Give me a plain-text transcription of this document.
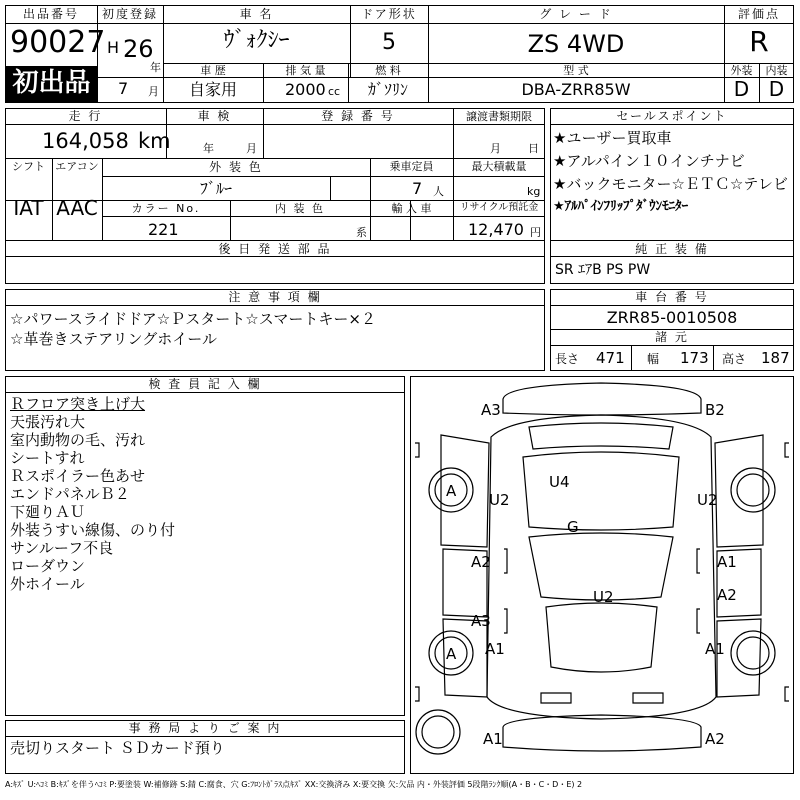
出品番号
90027
初出品
初度登録
H 26
年
7 月
車 名
ｳﾞｫｸｼｰ
ドア形状
5
グ レ ー ド
ZS 4WD
評価点
R
車 歴	排 気 量	燃 料	型 式	外装	内装
自家用	2000 cc	ｶﾞｿﾘﾝ	DBA-ZRR85W	D D
走 行	車 検	登 録 番 号	譲渡書類期限
164,058 km	年	月	月 日
シフト エアコン
IAT AAC
外 装 色	乗車定員	最大積載量
ﾌﾞﾙｰ	7 人	kg
カラー No.	内 装 色	輸 入 車	リサイクル預託金
221	系	12,470 円
後 日 発 送 部 品
セールスポイント
★ユーザー買取車
★アルパイン１０インチナビ
★バックモニター☆ＥＴＣ☆テレビ
★ｱﾙﾊﾟｲﾝﾌﾘｯﾌﾟﾀﾞｳﾝﾓﾆﾀｰ
純 正 装 備
SR ｴｱB PS PW
注 意 事 項 欄
☆パワースライドドア☆Ｐスタート☆スマートキー×２
☆革巻きステアリングホイール
車 台 番 号
ZRR85-0010508
諸 元
長さ 471 幅 173 高さ 187
検 査 員 記 入 欄
Ｒフロア突き上げ大
天張汚れ大
室内動物の毛、汚れ
シートすれ
Ｒスポイラー色あせ
エンドパネルＢ２
下廻りＡＵ
外装うすい線傷、のり付
サンルーフ不良
ローダウン
外ホイール
事 務 局 よ り ご 案 内
売切りスタート ＳＤカード預り
A3	B2
U4
U2	U2
A
G
A2	A1
U2	A2
A3
A A1	A1
A1	A2
A:ｷｽﾞ U:ﾍｺﾐ B:ｷｽﾞを伴うﾍｺﾐ P:要塗装 W:補修跡 S:錆 C:腐食、穴 G:ﾌﾛﾝﾄｶﾞﾗｽ点ｷｽﾞ XX:交換済み X:要交換 欠:欠品 内・外装評価 5段階ﾗﾝｸ順(A・B・C・D・E) 2
